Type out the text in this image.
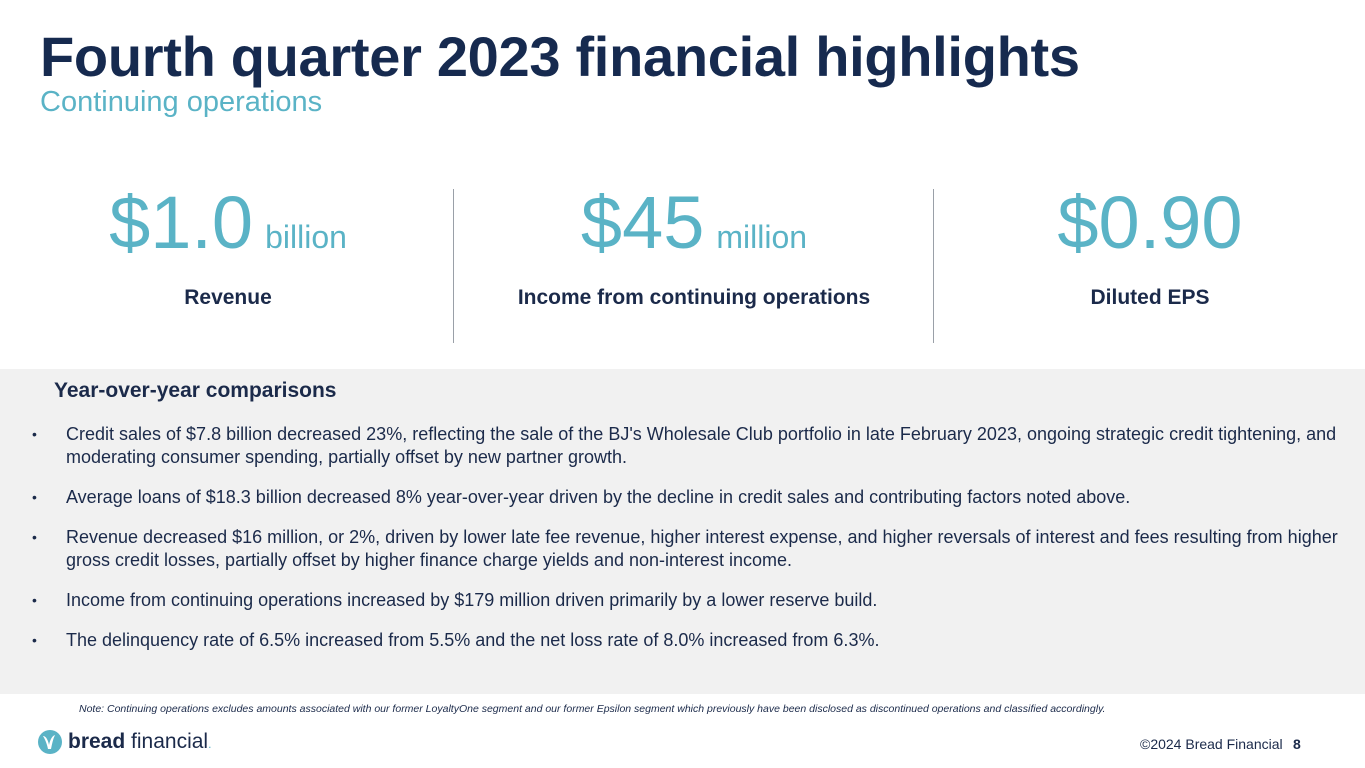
Fourth quarter 2023 financial highlights
Continuing operations
$1.0 billion
Revenue
$45 million
Income from continuing operations
$0.90
Diluted EPS
Year-over-year comparisons
• Credit sales of $7.8 billion decreased 23%, reflecting the sale of the BJ's Wholesale Club portfolio in late February 2023, ongoing strategic credit tightening, and moderating consumer spending, partially offset by new partner growth.
• Average loans of $18.3 billion decreased 8% year-over-year driven by the decline in credit sales and contributing factors noted above.
• Revenue decreased $16 million, or 2%, driven by lower late fee revenue, higher interest expense, and higher reversals of interest and fees resulting from higher gross credit losses, partially offset by higher finance charge yields and non-interest income.
• Income from continuing operations increased by $179 million driven primarily by a lower reserve build.
• The delinquency rate of 6.5% increased from 5.5% and the net loss rate of 8.0% increased from 6.3%.
Note: Continuing operations excludes amounts associated with our former LoyaltyOne segment and our former Epsilon segment which previously have been disclosed as discontinued operations and classified accordingly.
bread financial.	©2024 Bread Financial 8
